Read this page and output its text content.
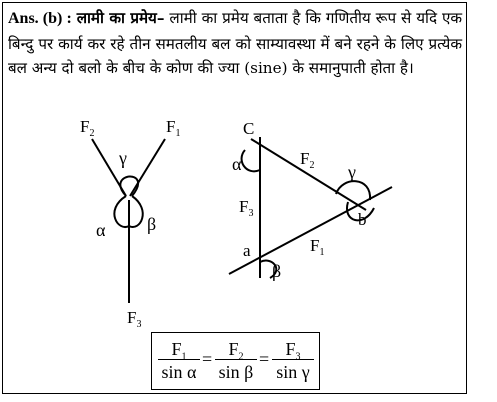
Ans. (b) : लामी का प्रमेय– लामी का प्रमेय बताता है कि गणितीय रूप से यदि एक बिन्दु पर कार्य कर रहे तीन समतलीय बल को साम्यावस्था में बने रहने के लिए प्रत्येक बल अन्य दो बलो के बीच के कोण की ज्या (sine) के समानुपाती होता है।
$F_2$	$F_1$
γ
α β
$F_3$
C
α	$F_2$ γ
$F_3$	b
a	$F_1$
β
$\frac{F_1}{\text{sin α}} = \frac{F_2}{\text{sin β}} = \frac{F_3}{\text{sin γ}}$
